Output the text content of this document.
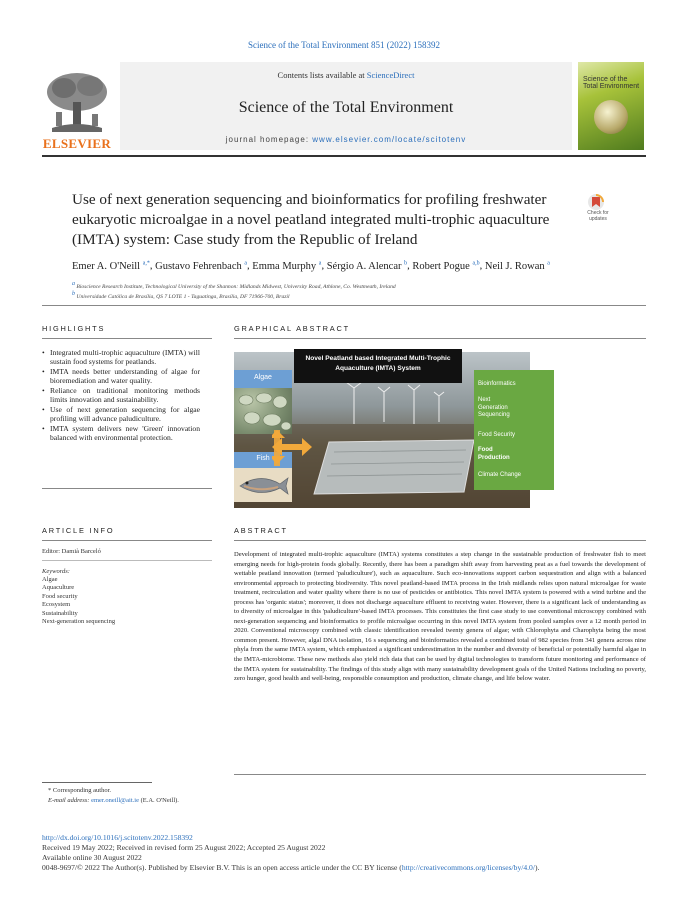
Science of the Total Environment 851 (2022) 158392
ELSEVIER
Contents lists available at ScienceDirect
Science of the Total Environment
journal homepage: www.elsevier.com/locate/scitotenv
Science of the Total Environment
Use of next generation sequencing and bioinformatics for profiling freshwater eukaryotic microalgae in a novel peatland integrated multi-trophic aquaculture (IMTA) system: Case study from the Republic of Ireland
Check for updates
Emer A. O'Neill $^{a,*}$, Gustavo Fehrenbach $^a$, Emma Murphy $^a$, Sérgio A. Alencar $^b$, Robert Pogue $^{a,b}$, Neil J. Rowan $^a$
$^a$ Bioscience Research Institute, Technological University of the Shannon: Midlands Midwest, University Road, Athlone, Co. Westmeath, Ireland
$^b$ Universidade Católica de Brasília, QS 7 LOTE 1 - Taguatinga, Brasília, DF 71966-700, Brazil
HIGHLIGHTS	GRAPHICAL ABSTRACT
• Integrated multi-trophic aquaculture (IMTA) will sustain food systems for peatlands.
• IMTA needs better understanding of algae for bioremediation and water quality.
• Reliance on traditional monitoring methods limits innovation and sustainability.
• Use of next generation sequencing for algae profiling will advance paludiculture.
• IMTA system delivers new 'Green' innovation balanced with environmental protection.
Bioinformatics
Next Generation Sequencing
Food Security
Food Production
Climate Change
Novel Peatland based Integrated Multi-Trophic Aquaculture (IMTA) System
Algae
Fish
ARTICLE INFO	ABSTRACT
Editor: Damià Barceló
Keywords:
Algae
Aquaculture
Food security
Ecosystem
Sustainability
Next-generation sequencing
Development of integrated multi-trophic aquaculture (IMTA) systems constitutes a step change in the sustainable production of freshwater fish to meet emerging needs for high-protein foods globally. Recently, there has been a paradigm shift away from harvesting peat as a fuel towards the development of wettable peatland innovation (termed 'paludiculture'), such as aquaculture. Such eco-innovations support carbon sequestration and align with a balanced environmental approach to protecting biodiversity. This novel peatland-based IMTA process in the Irish midlands relies upon natural microalgae for waste treatment, recirculation and water quality where there is no use of pesticides or antibiotics. This novel IMTA system is powered with a wind turbine and the process has 'organic status'; moreover, it does not discharge aquaculture effluent to receiving water. However, there is a significant lack of understanding as to diversity of microalgae in this 'paludiculture'-based IMTA processes. This constitutes the first case study to use conventional microscopy combined with next-generation sequencing and bioinformatics to profile microalgae occurring in this novel IMTA system from pooled samples over a 12 month period in 2020. Conventional microscopy combined with classic identification revealed twenty genera of algae; with Chlorophyta and Charophyta being the most common present. However, algal DNA isolation, 16 s sequencing and bioinformatics revealed a combined total of 982 species from 341 genera across nine phyla from the same IMTA system, which emphasized a significant underestimation in the number and diversity of beneficial or potentially harmful algae in the IMTA-microbiome. These new methods also yield rich data that can be used by digital technologies to transform future monitoring and performance of the IMTA system for sustainability. The findings of this study align with many sustainability development goals of the United Nations including no poverty, zero hunger, good health and well-being, responsible consumption and production, climate change, and life below water.
* Corresponding author.
E-mail address: emer.oneill@ait.ie (E.A. O'Neill).
http://dx.doi.org/10.1016/j.scitotenv.2022.158392
Received 19 May 2022; Received in revised form 25 August 2022; Accepted 25 August 2022
Available online 30 August 2022
0048-9697/© 2022 The Author(s). Published by Elsevier B.V. This is an open access article under the CC BY license (http://creativecommons.org/licenses/by/4.0/).
